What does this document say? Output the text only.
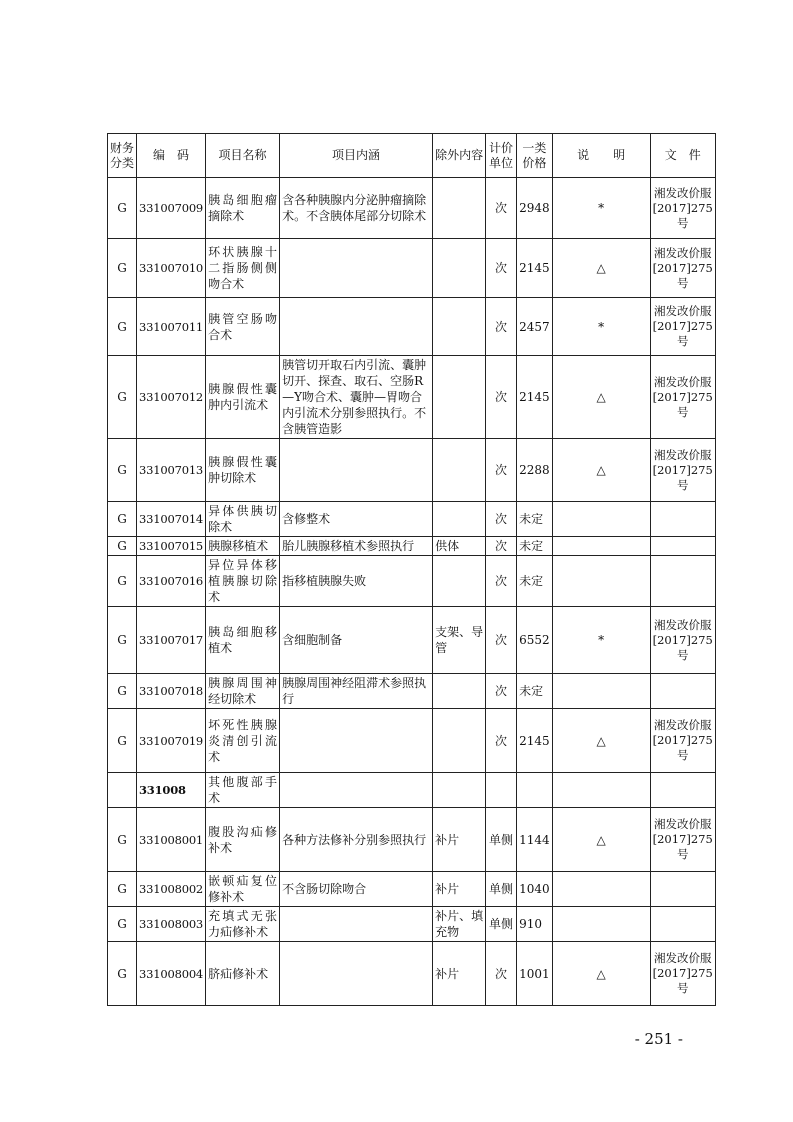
财务分类	编　码	项目名称	项目内涵	除外内容	计价单位	一类价格	说　　明	文　件
G	331007009	胰岛细胞瘤摘除术	含各种胰腺内分泌肿瘤摘除术。不含胰体尾部分切除术		次	2948	*	湘发改价服[2017]275号
G	331007010	环状胰腺十二指肠侧侧吻合术			次	2145	△	湘发改价服[2017]275号
G	331007011	胰管空肠吻合术			次	2457	*	湘发改价服[2017]275号
G	331007012	胰腺假性囊肿内引流术	胰管切开取石内引流、囊肿切开、探查、取石、空肠R—Y吻合术、囊肿—胃吻合内引流术分别参照执行。不含胰管造影		次	2145	△	湘发改价服[2017]275号
G	331007013	胰腺假性囊肿切除术			次	2288	△	湘发改价服[2017]275号
G	331007014	异体供胰切除术	含修整术		次	未定		
G	331007015	胰腺移植术	胎儿胰腺移植术参照执行	供体	次	未定		
G	331007016	异位异体移植胰腺切除术	指移植胰腺失败		次	未定		
G	331007017	胰岛细胞移植术	含细胞制备	支架、导管	次	6552	*	湘发改价服[2017]275号
G	331007018	胰腺周围神经切除术	胰腺周围神经阻滞术参照执行		次	未定		
G	331007019	坏死性胰腺炎清创引流术			次	2145	△	湘发改价服[2017]275号
	331008	其他腹部手术						
G	331008001	腹股沟疝修补术	各种方法修补分别参照执行	补片	单侧	1144	△	湘发改价服[2017]275号
G	331008002	嵌顿疝复位修补术	不含肠切除吻合	补片	单侧	1040		
G	331008003	充填式无张力疝修补术		补片、填充物	单侧	910		
G	331008004	脐疝修补术		补片	次	1001	△	湘发改价服[2017]275号
- 251 -
